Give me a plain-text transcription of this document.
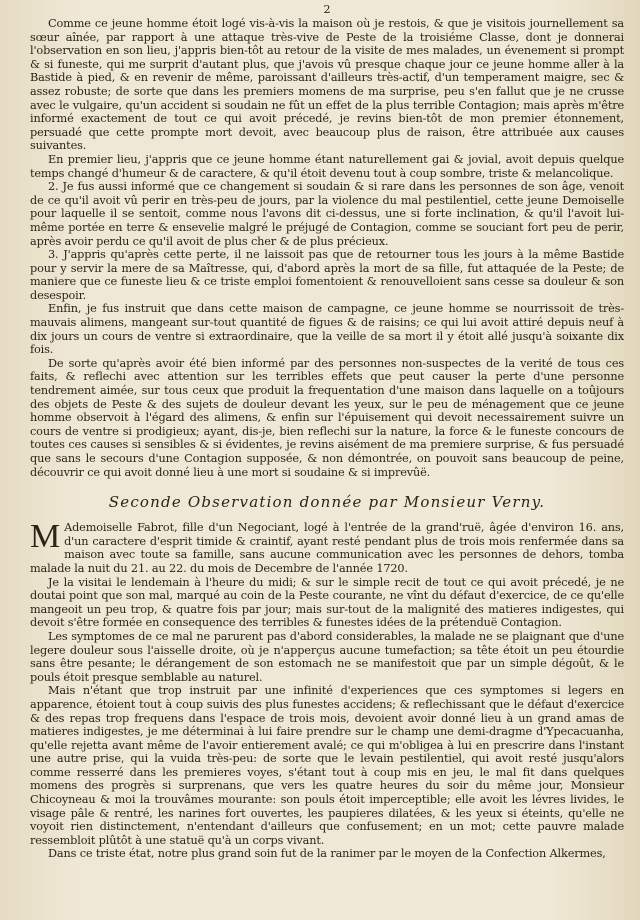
2

Comme ce jeune homme étoit logé vis-à-vis la maison où je restois, & que je visitois journellement sa sœur aînée, par rapport à une attaque très-vive de Peste de la troisiéme Classe, dont je donnerai l'observation en son lieu, j'appris bien-tôt au retour de la visite de mes malades, un évenement si prompt & si funeste, qui me surprit d'autant plus, que j'avois vû presque chaque jour ce jeune homme aller à la Bastide à pied, & en revenir de même, paroissant d'ailleurs très-actif, d'un temperament maigre, sec & assez robuste; de sorte que dans les premiers momens de ma surprise, peu s'en fallut que je ne crusse avec le vulgaire, qu'un accident si soudain ne fût un effet de la plus terrible Contagion; mais après m'être informé exactement de tout ce qui avoit précedé, je revins bien-tôt de mon premier étonnement, persuadé que cette prompte mort devoit, avec beaucoup plus de raison, être attribuée aux causes suivantes.

En premier lieu, j'appris que ce jeune homme étant naturellement gai & jovial, avoit depuis quelque temps changé d'humeur & de caractere, & qu'il étoit devenu tout à coup sombre, triste & melancolique.

2. Je fus aussi informé que ce changement si soudain & si rare dans les personnes de son âge, venoit de ce qu'il avoit vû perir en très-peu de jours, par la violence du mal pestilentiel, cette jeune Demoiselle pour laquelle il se sentoit, comme nous l'avons dit ci-dessus, une si forte inclination, & qu'il l'avoit lui-même portée en terre & ensevelie malgré le préjugé de Contagion, comme se souciant fort peu de perir, après avoir perdu ce qu'il avoit de plus cher & de plus précieux.

3. J'appris qu'après cette perte, il ne laissoit pas que de retourner tous les jours à la même Bastide pour y servir la mere de sa Maîtresse, qui, d'abord après la mort de sa fille, fut attaquée de la Peste; de maniere que ce funeste lieu & ce triste emploi fomentoient & renouvelloient sans cesse sa douleur & son desespoir.

Enfin, je fus instruit que dans cette maison de campagne, ce jeune homme se nourrissoit de très-mauvais alimens, mangeant sur-tout quantité de figues & de raisins; ce qui lui avoit attiré depuis neuf à dix jours un cours de ventre si extraordinaire, que la veille de sa mort il y étoit allé jusqu'à soixante dix fois.

De sorte qu'après avoir été bien informé par des personnes non-suspectes de la verité de tous ces faits, & reflechi avec attention sur les terribles effets que peut causer la perte d'une personne tendrement aimée, sur tous ceux que produit la frequentation d'une maison dans laquelle on a toûjours des objets de Peste & des sujets de douleur devant les yeux, sur le peu de ménagement que ce jeune homme observoit à l'égard des alimens, & enfin sur l'épuisement qui devoit necessairement suivre un cours de ventre si prodigieux; ayant, dis-je, bien reflechi sur la nature, la force & le funeste concours de toutes ces causes si sensibles & si évidentes, je revins aisément de ma premiere surprise, & fus persuadé que sans le secours d'une Contagion supposée, & non démontrée, on pouvoit sans beaucoup de peine, découvrir ce qui avoit donné lieu à une mort si soudaine & si imprevûë.

Seconde Observation donnée par Monsieur Verny.

M Ademoiselle Fabrot, fille d'un Negociant, logé à l'entrée de la grand'ruë, âgée d'environ 16. ans, d'un caractere d'esprit timide & craintif, ayant resté pendant plus de trois mois renfermée dans sa maison avec toute sa famille, sans aucune communication avec les personnes de dehors, tomba malade la nuit du 21. au 22. du mois de Decembre de l'année 1720.

Je la visitai le lendemain à l'heure du midi; & sur le simple recit de tout ce qui avoit précedé, je ne doutai point que son mal, marqué au coin de la Peste courante, ne vînt du défaut d'exercice, de ce qu'elle mangeoit un peu trop, & quatre fois par jour; mais sur-tout de la malignité des matieres indigestes, qui devoit s'être formée en consequence des terribles & funestes idées de la prétenduë Contagion.

Les symptomes de ce mal ne parurent pas d'abord considerables, la malade ne se plaignant que d'une legere douleur sous l'aisselle droite, où je n'apperçus aucune tumefaction; sa tête étoit un peu étourdie sans être pesante; le dérangement de son estomach ne se manifestoit que par un simple dégoût, & le pouls étoit presque semblable au naturel.

Mais n'étant que trop instruit par une infinité d'experiences que ces symptomes si legers en apparence, étoient tout à coup suivis des plus funestes accidens; & reflechissant que le défaut d'exercice & des repas trop frequens dans l'espace de trois mois, devoient avoir donné lieu à un grand amas de matieres indigestes, je me déterminai à lui faire prendre sur le champ une demi-dragme d'Ypecacuanha, qu'elle rejetta avant même de l'avoir entierement avalé; ce qui m'obligea à lui en prescrire dans l'instant une autre prise, qui la vuida très-peu: de sorte que le levain pestilentiel, qui avoit resté jusqu'alors comme resserré dans les premieres voyes, s'étant tout à coup mis en jeu, le mal fit dans quelques momens des progrès si surprenans, que vers les quatre heures du soir du même jour, Monsieur Chicoyneau & moi la trouvâmes mourante: son pouls étoit imperceptible; elle avoit les lévres livides, le visage pâle & rentré, les narines fort ouvertes, les paupieres dilatées, & les yeux si éteints, qu'elle ne voyoit rien distinctement, n'entendant d'ailleurs que confusement; en un mot; cette pauvre malade ressembloit plûtôt à une statuë qu'à un corps vivant.

Dans ce triste état, notre plus grand soin fut de la ranimer par le moyen de la Confection Alkermes,
